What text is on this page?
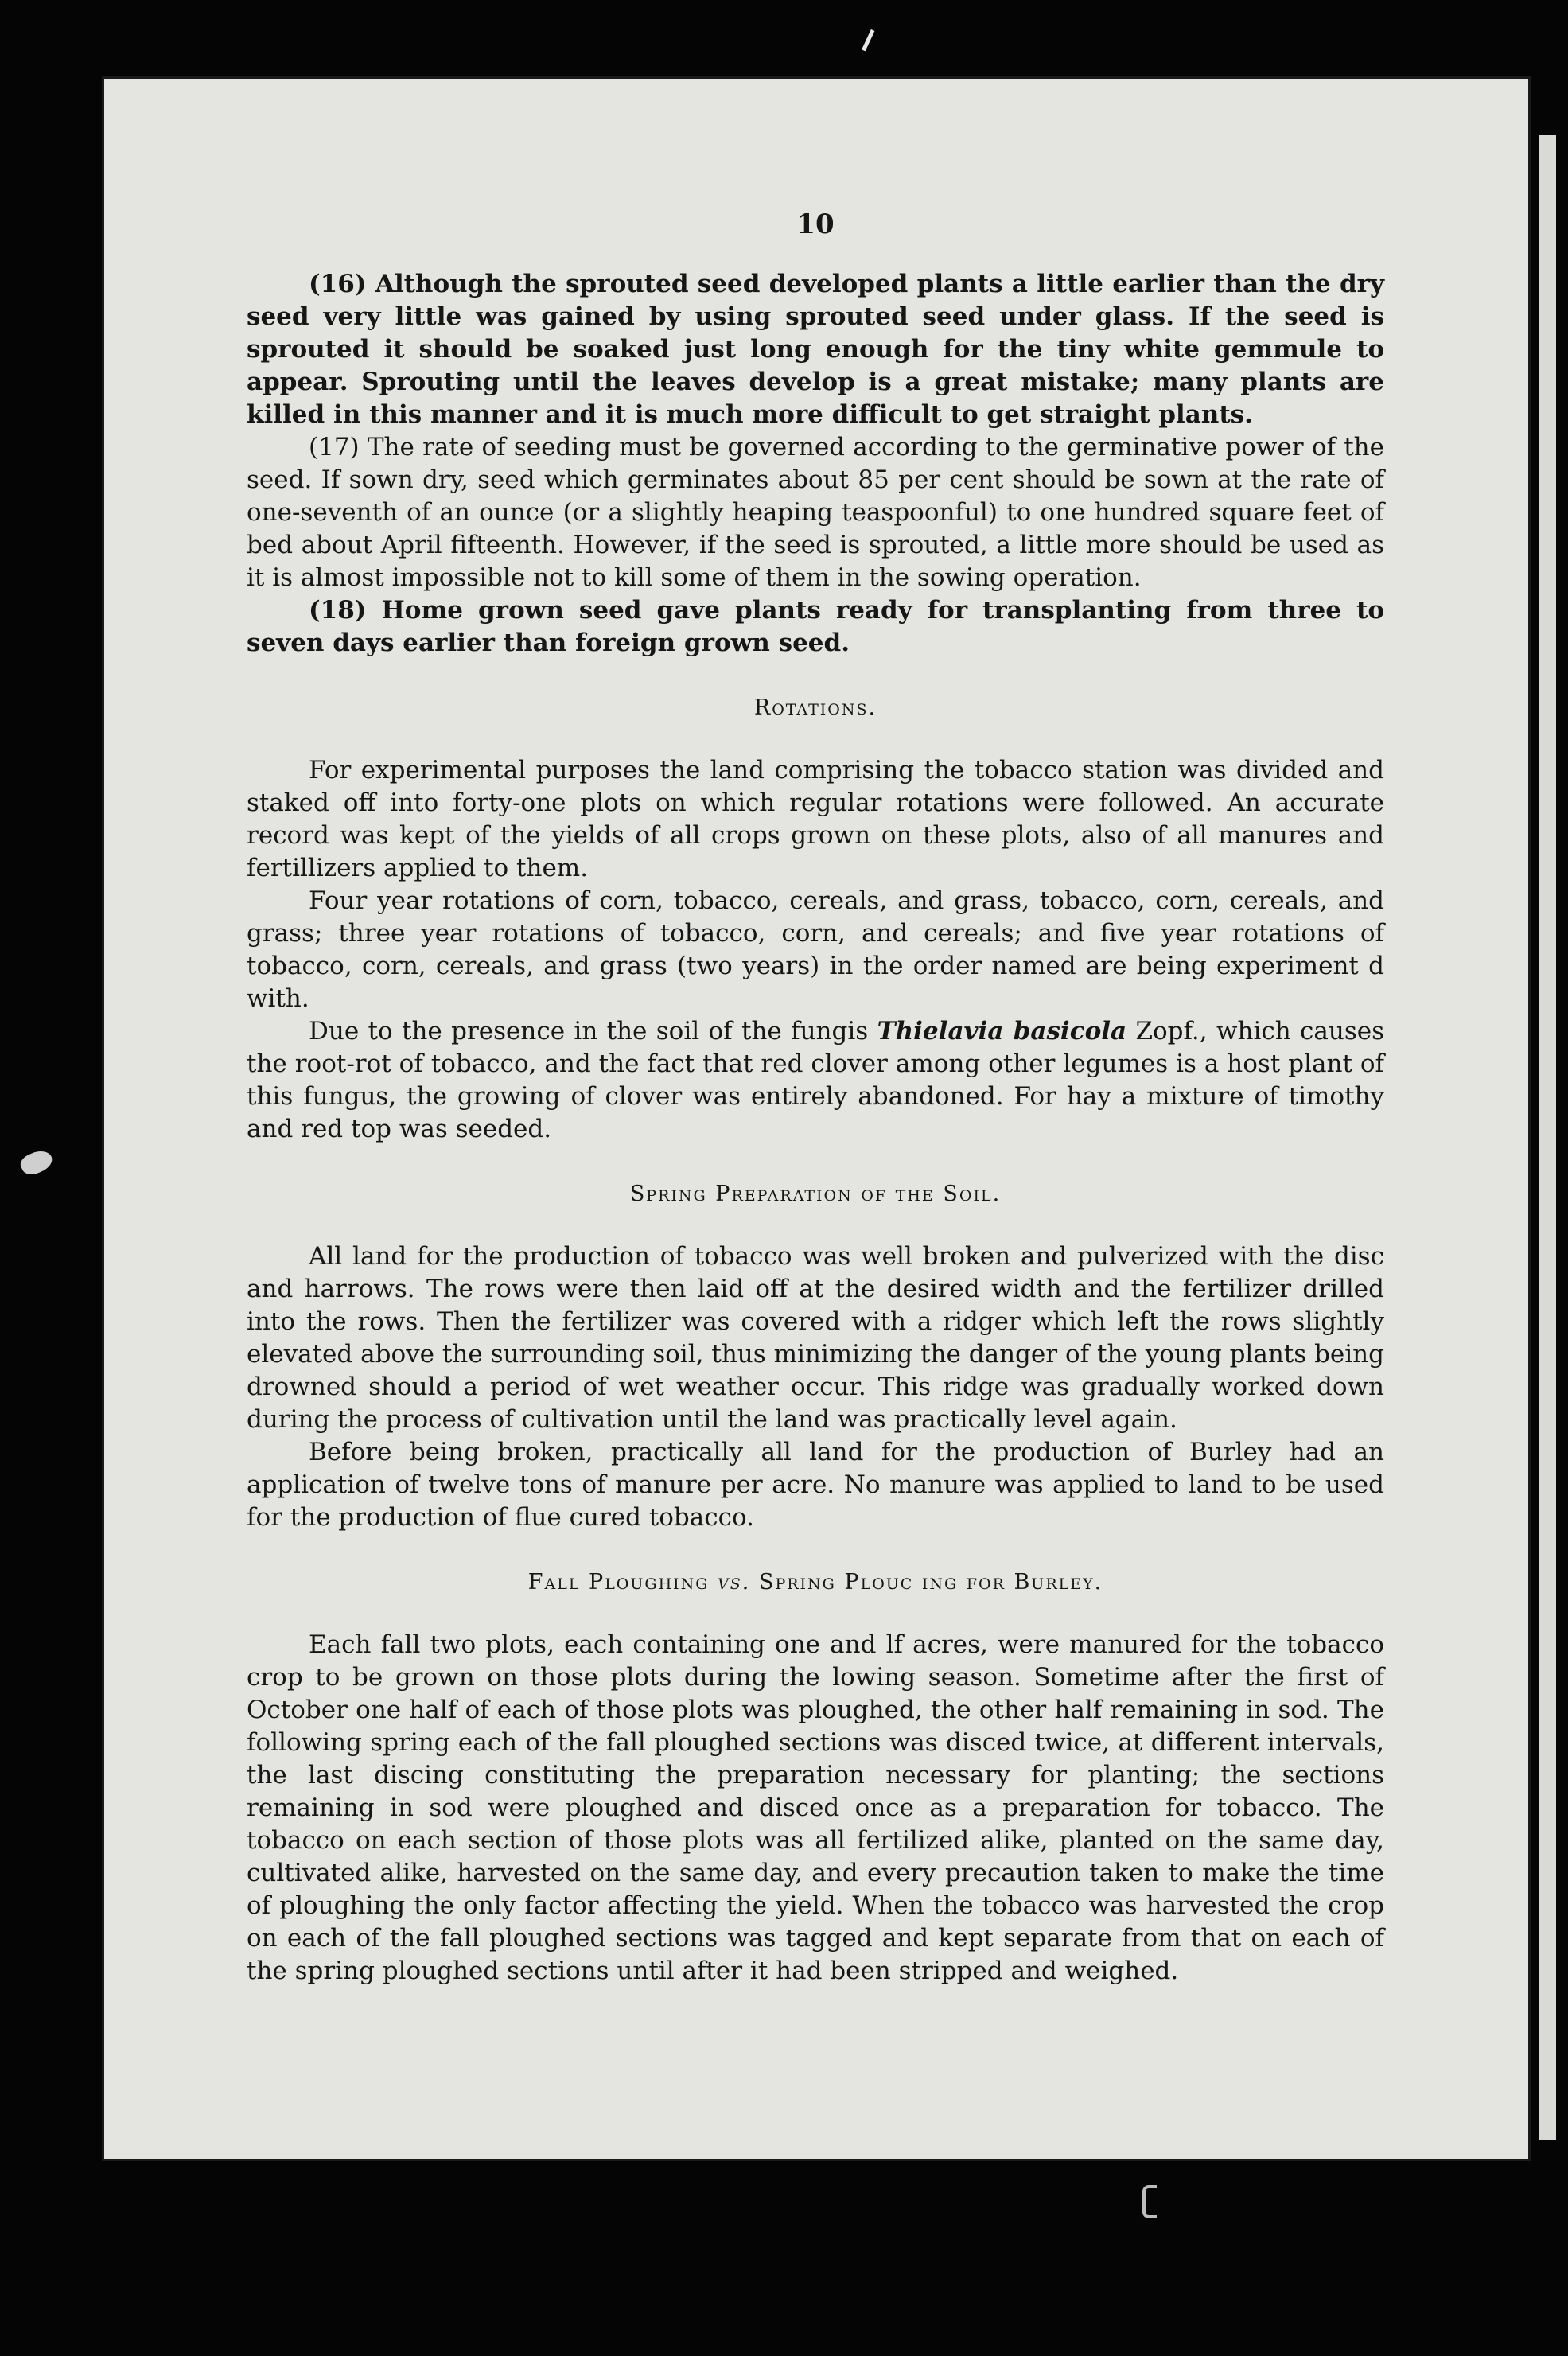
10

(16) Although the sprouted seed developed plants a little earlier than the dry seed very little was gained by using sprouted seed under glass. If the seed is sprouted it should be soaked just long enough for the tiny white gemmule to appear. Sprouting until the leaves develop is a great mistake; many plants are killed in this manner and it is much more difficult to get straight plants.

(17) The rate of seeding must be governed according to the germinative power of the seed. If sown dry, seed which germinates about 85 per cent should be sown at the rate of one-seventh of an ounce (or a slightly heaping teaspoonful) to one hundred square feet of bed about April fifteenth. However, if the seed is sprouted, a little more should be used as it is almost impossible not to kill some of them in the sowing operation.

(18) Home grown seed gave plants ready for transplanting from three to seven days earlier than foreign grown seed.

Rotations.

For experimental purposes the land comprising the tobacco station was divided and staked off into forty-one plots on which regular rotations were followed. An accurate record was kept of the yields of all crops grown on these plots, also of all manures and fertillizers applied to them.

Four year rotations of corn, tobacco, cereals, and grass, tobacco, corn, cereals, and grass; three year rotations of tobacco, corn, and cereals; and five year rotations of tobacco, corn, cereals, and grass (two years) in the order named are being experiment d with.

Due to the presence in the soil of the fungis Thielavia basicola Zopf., which causes the root-rot of tobacco, and the fact that red clover among other legumes is a host plant of this fungus, the growing of clover was entirely abandoned. For hay a mixture of timothy and red top was seeded.

Spring Preparation of the Soil.

All land for the production of tobacco was well broken and pulverized with the disc and harrows. The rows were then laid off at the desired width and the fertilizer drilled into the rows. Then the fertilizer was covered with a ridger which left the rows slightly elevated above the surrounding soil, thus minimizing the danger of the young plants being drowned should a period of wet weather occur. This ridge was gradually worked down during the process of cultivation until the land was practically level again.

Before being broken, practically all land for the production of Burley had an application of twelve tons of manure per acre. No manure was applied to land to be used for the production of flue cured tobacco.

Fall Ploughing vs. Spring Plouc ing for Burley.

Each fall two plots, each containing one and lf acres, were manured for the tobacco crop to be grown on those plots during the lowing season. Sometime after the first of October one half of each of those plots was ploughed, the other half remaining in sod. The following spring each of the fall ploughed sections was disced twice, at different intervals, the last discing constituting the preparation necessary for planting; the sections remaining in sod were ploughed and disced once as a preparation for tobacco. The tobacco on each section of those plots was all fertilized alike, planted on the same day, cultivated alike, harvested on the same day, and every precaution taken to make the time of ploughing the only factor affecting the yield. When the tobacco was harvested the crop on each of the fall ploughed sections was tagged and kept separate from that on each of the spring ploughed sections until after it had been stripped and weighed.
